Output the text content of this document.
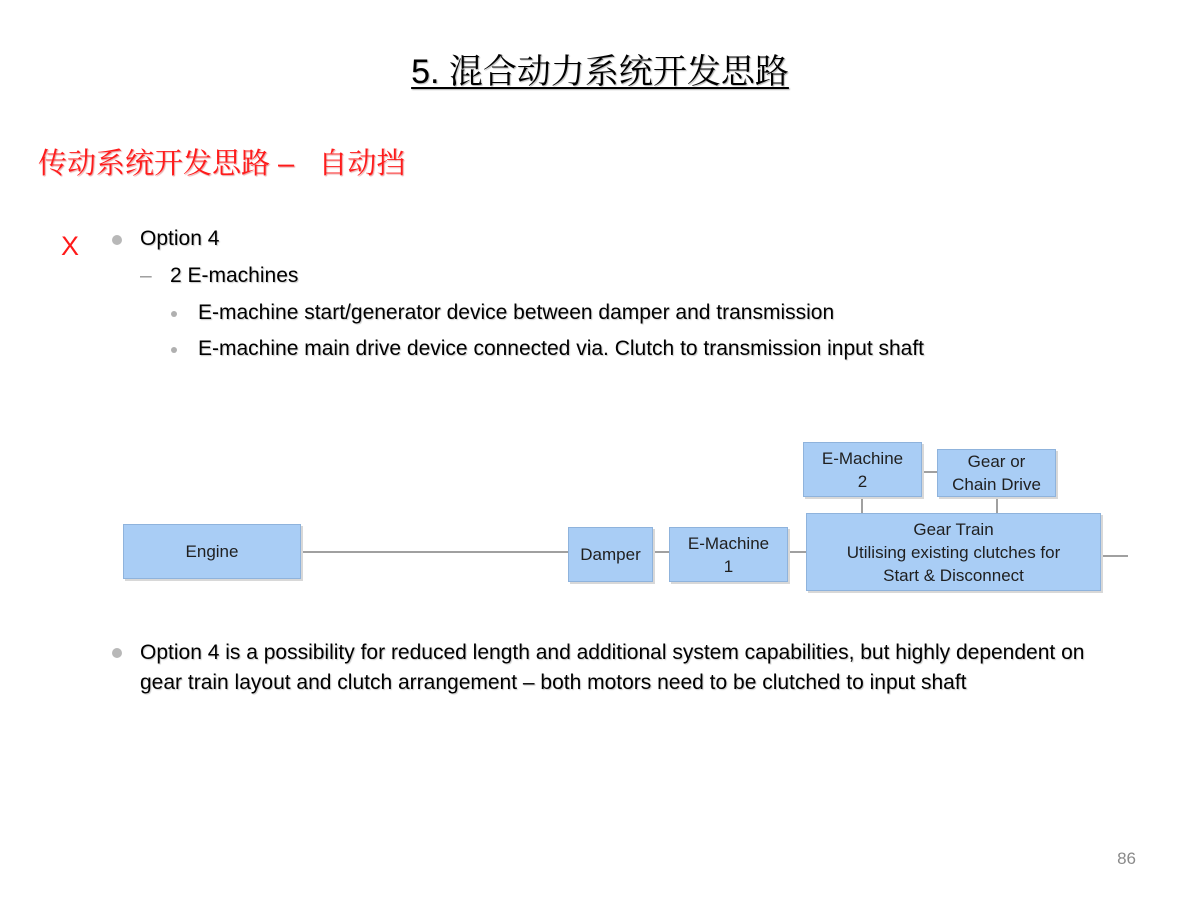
5. 混合动力系统开发思路
传动系统开发思路 –   自动挡
X	Option 4
– 2 E-machines
E-machine start/generator device between damper and transmission
E-machine main drive device connected via. Clutch to transmission input shaft
Engine	Damper
E-Machine
1
E-Machine
2
Gear or
Chain Drive
Gear Train
Utilising existing clutches for
Start & Disconnect
Option 4 is a possibility for reduced length and additional system capabilities, but highly dependent on gear train layout and clutch arrangement – both motors need to be clutched to input shaft
86
